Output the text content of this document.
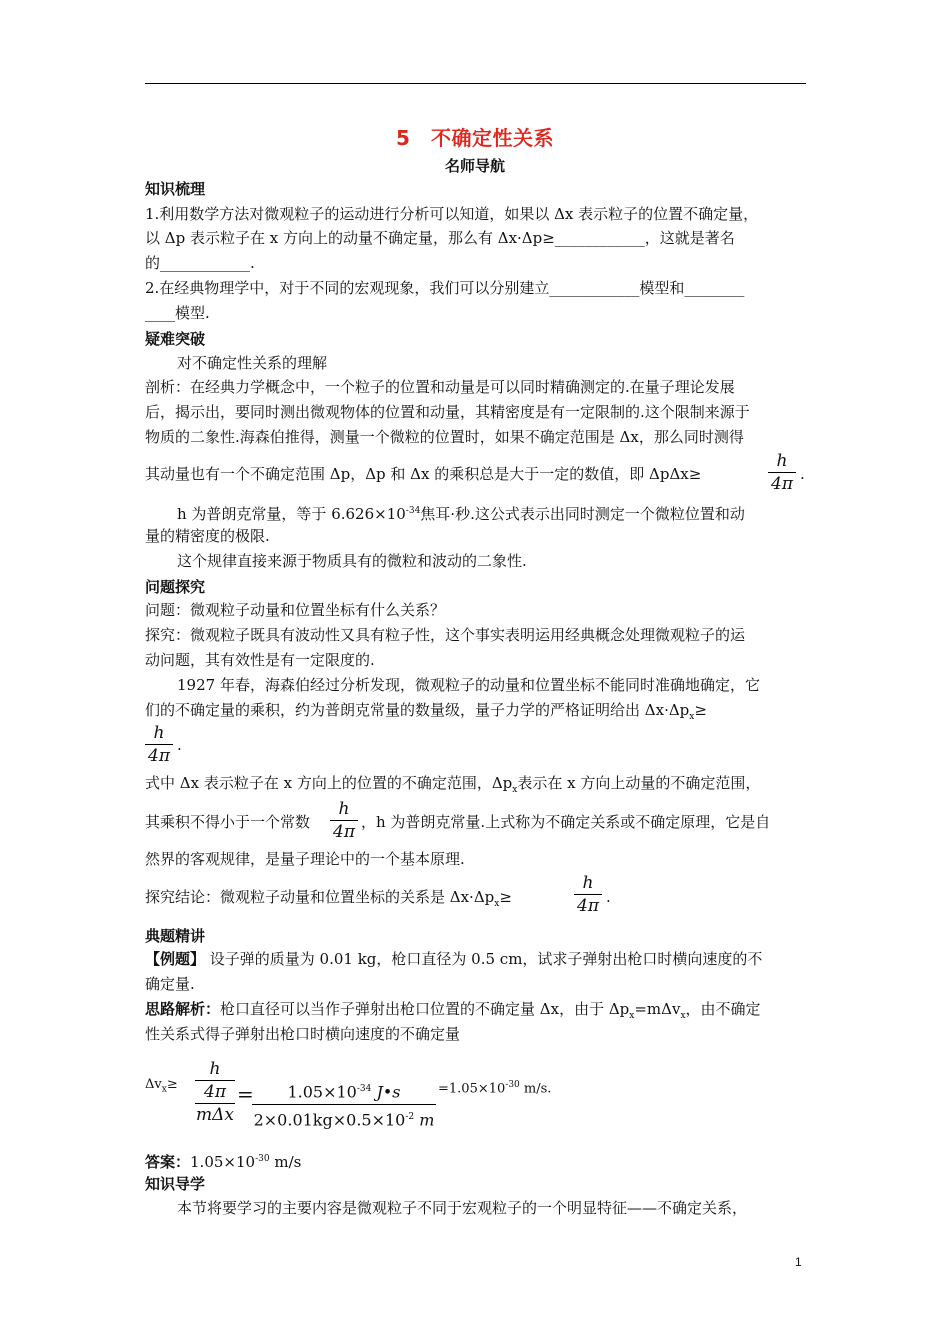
5　不确定性关系
名师导航
知识梳理
1.利用数学方法对微观粒子的运动进行分析可以知道，如果以 Δx 表示粒子的位置不确定量，
以 Δp 表示粒子在 x 方向上的动量不确定量，那么有 Δx·Δp≥____________，这就是著名
的____________.
2.在经典物理学中，对于不同的宏观现象，我们可以分别建立____________模型和________
____模型.
疑难突破
对不确定性关系的理解
剖析：在经典力学概念中，一个粒子的位置和动量是可以同时精确测定的.在量子理论发展
后，揭示出，要同时测出微观物体的位置和动量，其精密度是有一定限制的.这个限制来源于
物质的二象性.海森伯推得，测量一个微粒的位置时，如果不确定范围是 Δx，那么同时测得
其动量也有一个不确定范围 Δp，Δp 和 Δx 的乘积总是大于一定的数值，即 ΔpΔx≥
h
4π .
h 为普朗克常量，等于 $6.626\times 10^{-34}$焦耳·秒.这公式表示出同时测定一个微粒位置和动
量的精密度的极限.
这个规律直接来源于物质具有的微粒和波动的二象性.
问题探究
问题：微观粒子动量和位置坐标有什么关系？
探究：微观粒子既具有波动性又具有粒子性，这个事实表明运用经典概念处理微观粒子的运
动问题，其有效性是有一定限度的.
1927 年春，海森伯经过分析发现，微观粒子的动量和位置坐标不能同时准确地确定，它
们的不确定量的乘积，约为普朗克常量的数量级，量子力学的严格证明给出 $\Delta x\cdot\Delta p_x\ge$
h
4π
.
式中 Δx 表示粒子在 x 方向上的位置的不确定范围，$\Delta p_x$表示在 x 方向上动量的不确定范围，
其乘积不得小于一个常数
h
4π ，h 为普朗克常量.上式称为不确定关系或不确定原理，它是自
然界的客观规律，是量子理论中的一个基本原理.
探究结论：微观粒子动量和位置坐标的关系是 $\Delta x\cdot\Delta p_x\ge$
h
4π .
典题精讲
【例题】 设子弹的质量为 0.01 kg，枪口直径为 0.5 cm，试求子弹射出枪口时横向速度的不
确定量.
思路解析：枪口直径可以当作子弹射出枪口位置的不确定量 Δx，由于 $\Delta p_x=m\Delta v_x$，由不确定
性关系式得子弹射出枪口时横向速度的不确定量
$\Delta v_x\ge$
h
4π
mΔx
=	$1.05\times 10^{-34}$ J•s
$2\times 0.01kg\times 0.5\times 10^{-2}$ m
$=1.05\times 10^{-30}$ m/s.
答案：$1.05\times 10^{-30}$ m/s
知识导学
本节将要学习的主要内容是微观粒子不同于宏观粒子的一个明显特征——不确定关系，
1
